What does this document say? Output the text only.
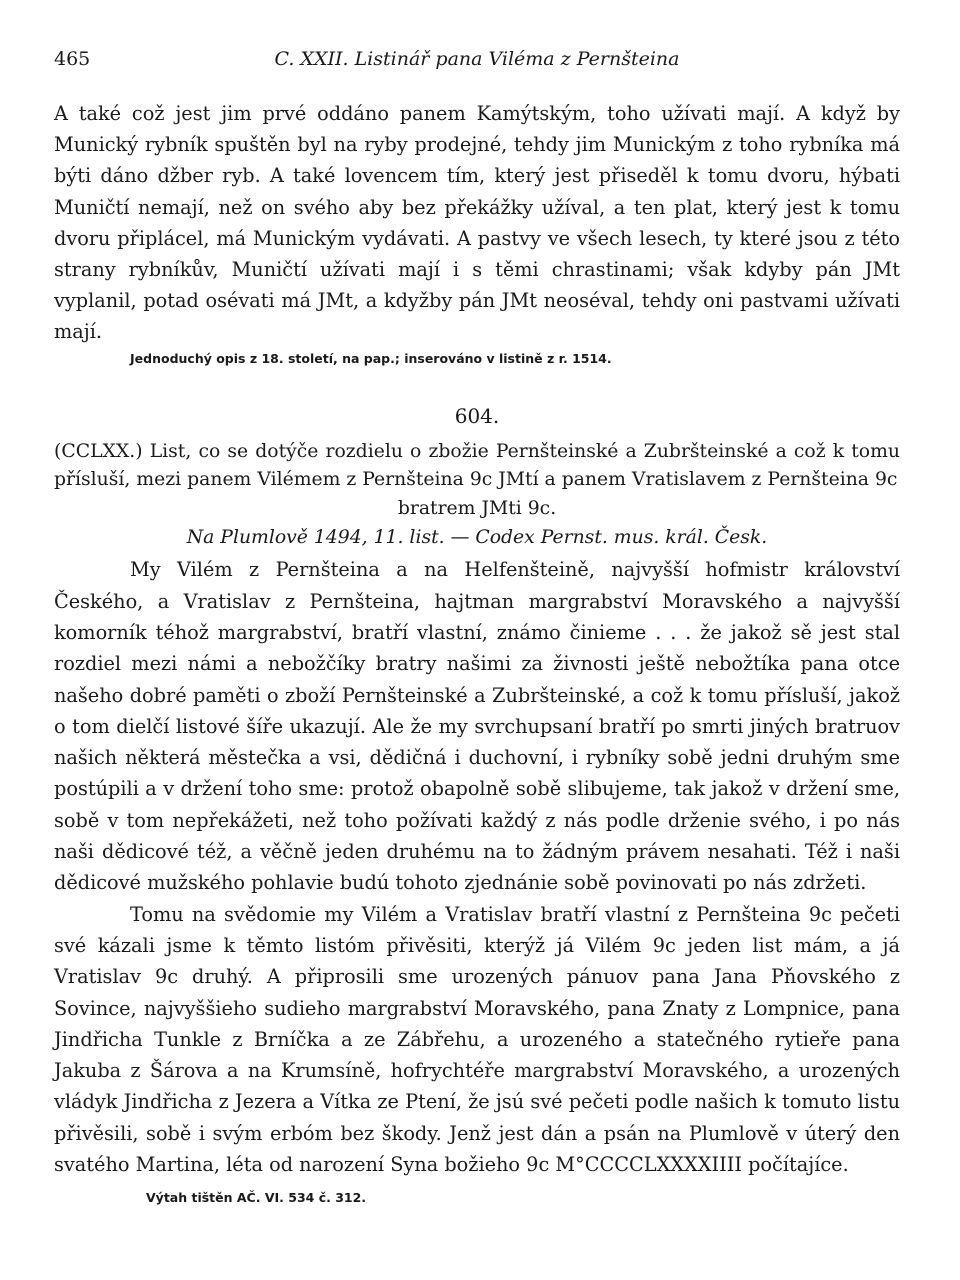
465	C. XXII. Listinář pana Viléma z Pernšteina

A také což jest jim prvé oddáno panem Kamýtským, toho užívati mají. A když by Munický rybník spuštěn byl na ryby prodejné, tehdy jim Munickým z toho rybníka má býti dáno džber ryb. A také lovencem tím, který jest přiseděl k tomu dvoru, hýbati Muničtí nemají, než on svého aby bez překážky užíval, a ten plat, který jest k tomu dvoru připlácel, má Munickým vydávati. A pastvy ve všech lesech, ty které jsou z této strany rybníkův, Muničtí užívati mají i s těmi chrastinami; však kdyby pán JMt vyplanil, potad osévati má JMt, a kdyžby pán JMt neoséval, tehdy oni pastvami užívati mají.

Jednoduchý opis z 18. století, na pap.; inserováno v listině z r. 1514.

604.
(CCLXX.) List, co se dotýče rozdielu o zbožie Pernšteinské a Zubršteinské a což k tomu přísluší, mezi panem Vilémem z Pernšteina 9c JMtí a panem Vratislavem z Pernšteina 9c
bratrem JMti 9c.
Na Plumlově 1494, 11. list. — Codex Pernst. mus. král. Česk.

My Vilém z Pernšteina a na Helfenšteině, najvyšší hofmistr království Českého, a Vratislav z Pernšteina, hajtman margrabství Moravského a najvyšší komorník téhož margrabství, bratří vlastní, známo činieme . . . že jakož sě jest stal rozdiel mezi námi a nebožčíky bratry našimi za živnosti ještě nebožtíka pana otce našeho dobré paměti o zboží Pernšteinské a Zubršteinské, a což k tomu přísluší, jakož o tom dielčí listové šíře ukazují. Ale že my svrchupsaní bratří po smrti jiných bratruov našich některá městečka a vsi, dědičná i duchovní, i rybníky sobě jedni druhým sme postúpili a v držení toho sme: protož obapolně sobě slibujeme, tak jakož v držení sme, sobě v tom nepřekážeti, než toho požívati každý z nás podle drženie svého, i po nás naši dědicové též, a věčně jeden druhému na to žádným právem nesahati. Též i naši dědicové mužského pohlavie budú tohoto zjednánie sobě povinovati po nás zdržeti.

Tomu na svědomie my Vilém a Vratislav bratří vlastní z Pernšteina 9c pečeti své kázali jsme k těmto listóm přivěsiti, kterýž já Vilém 9c jeden list mám, a já Vratislav 9c druhý. A připrosili sme urozených pánuov pana Jana Pňovského z Sovince, najvyššieho sudieho margrabství Moravského, pana Znaty z Lompnice, pana Jindřicha Tunkle z Brníčka a ze Zábřehu, a urozeného a statečného rytieře pana Jakuba z Šárova a na Krumsíně, hofrychtéře margrabství Moravského, a urozených vládyk Jindřicha z Jezera a Vítka ze Ptení, že jsú své pečeti podle našich k tomuto listu přivěsili, sobě i svým erbóm bez škody. Jenž jest dán a psán na Plumlově v úterý den svatého Martina, léta od narození Syna božieho 9c M°CCCCLXXXXIIII počítajíce.

Výtah tištěn AČ. VI. 534 č. 312.
